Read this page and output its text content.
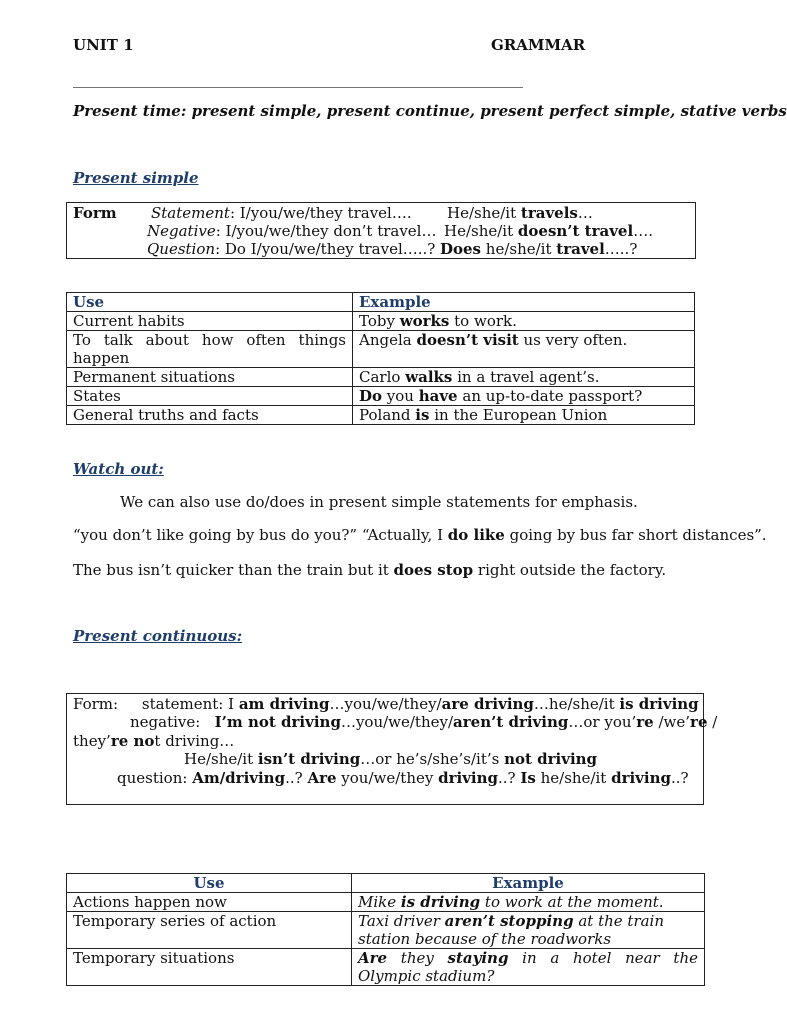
UNIT 1	GRAMMAR
____________________________________________________________
Present time: present simple, present continue, present perfect simple, stative verbs
Present simple
Form Statement: I/you/we/they travel…. He/she/it travels…
Negative: I/you/we/they don’t travel… He/she/it doesn’t travel….
Question: Do I/you/we/they travel…..? Does he/she/it travel…..?
Use	Example
Current habits	Toby works to work.
To talk about how often things happen	Angela doesn’t visit us very often.
Permanent situations	Carlo walks in a travel agent’s.
States	Do you have an up-to-date passport?
General truths and facts	Poland is in the European Union
Watch out:
We can also use do/does in present simple statements for emphasis.
“you don’t like going by bus do you?” “Actually, I do like going by bus far short distances”.
The bus isn’t quicker than the train but it does stop right outside the factory.
Present continuous:
Form: statement: I am driving…you/we/they/are driving…he/she/it is driving
negative:   I’m not driving…you/we/they/aren’t driving…or you’re /we’re /
they’re not driving…
He/she/it isn’t driving…or he’s/she’s/it’s not driving
question: Am/driving..? Are you/we/they driving..? Is he/she/it driving..?
Use	Example
Actions happen now	Mike is driving to work at the moment.
Temporary series of action	Taxi driver aren’t stopping at the train station because of the roadworks
Temporary situations	Are they staying in a hotel near the Olympic stadium?
